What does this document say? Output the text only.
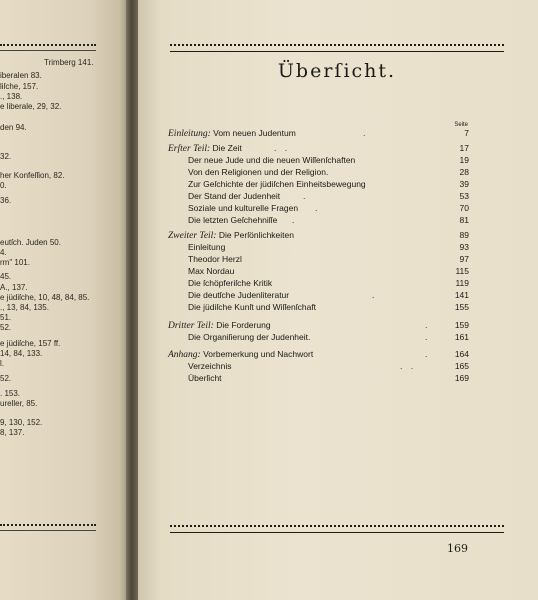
Trimberg 141.
iberalen 83.
liſche, 157.
., 138.
e liberale, 29, 32.
den 94.
32.
her Konfeſſion, 82.
0.
36.
eutſch. Juden 50.
4.
rm" 101.
45.
A., 137.
e jüdiſche, 10, 48, 84, 85.
., 13, 84, 135.
51.
52.
e jüdiſche, 157 ff.
14, 84, 133.
l.
52.
. 153.
ureller, 85.
9, 130, 152.
8, 137.
Überſicht.
Seite
Einleitung: Vom neuen Judentum	.	7
Erſter Teil: Die Zeit	. .	17
Der neue Jude und die neuen Wiſſenſchaften	19
Von den Religionen und der Religion.	28
Zur Geſchichte der jüdiſchen Einheitsbewegung	39
Der Stand der Judenheit	.	53
Soziale und kulturelle Fragen .	70
Die letzten Geſchehniſſe .	81
Zweiter Teil: Die Perſönlichkeiten	89
Einleitung	93
Theodor Herzl	97
Max Nordau	115
Die ſchöpferiſche Kritik	119
Die deutſche Judenliteratur	.	141
Die jüdiſche Kunſt und Wiſſenſchaft	155
Dritter Teil: Die Forderung	.	159
Die Organiſierung der Judenheit.	.	161
Anhang: Vorbemerkung und Nachwort	.	164
Verzeichnis	. .	165
Überſicht	169
169
